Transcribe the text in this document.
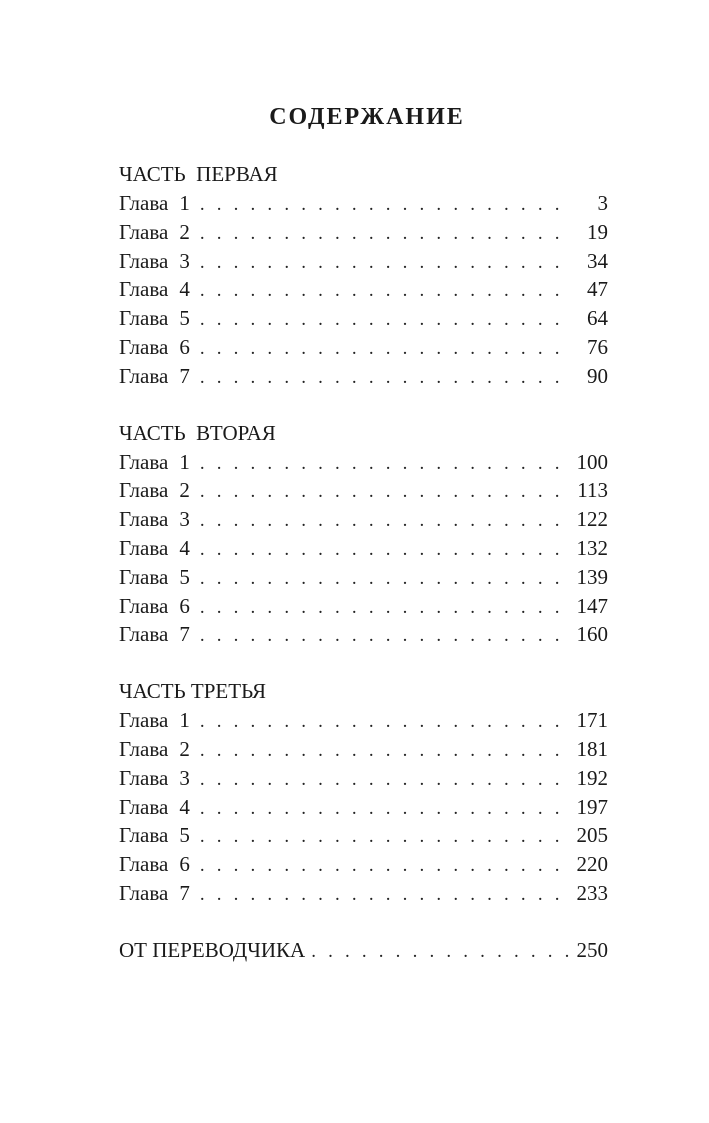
СОДЕРЖАНИЕ
ЧАСТЬ  ПЕРВАЯ
Глава 1 . . .	3
Глава 2 . . .	19
Глава 3 . . .	34
Глава 4 . . .	47
Глава 5 . . .	64
Глава 6 . . .	76
Глава 7 . . .	90
ЧАСТЬ  ВТОРАЯ
Глава 1 . . .	100
Глава 2 . . .	113
Глава 3 . . .	122
Глава 4 . . .	132
Глава 5 . . .	139
Глава 6 . . .	147
Глава 7 . . .	160
ЧАСТЬ ТРЕТЬЯ
Глава 1 . . .	171
Глава 2 . . .	181
Глава 3 . . .	192
Глава 4 . . .	197
Глава 5 . . .	205
Глава 6 . . .	220
Глава 7 . . .	233
ОТ ПЕРЕВОДЧИКА . . .	250
